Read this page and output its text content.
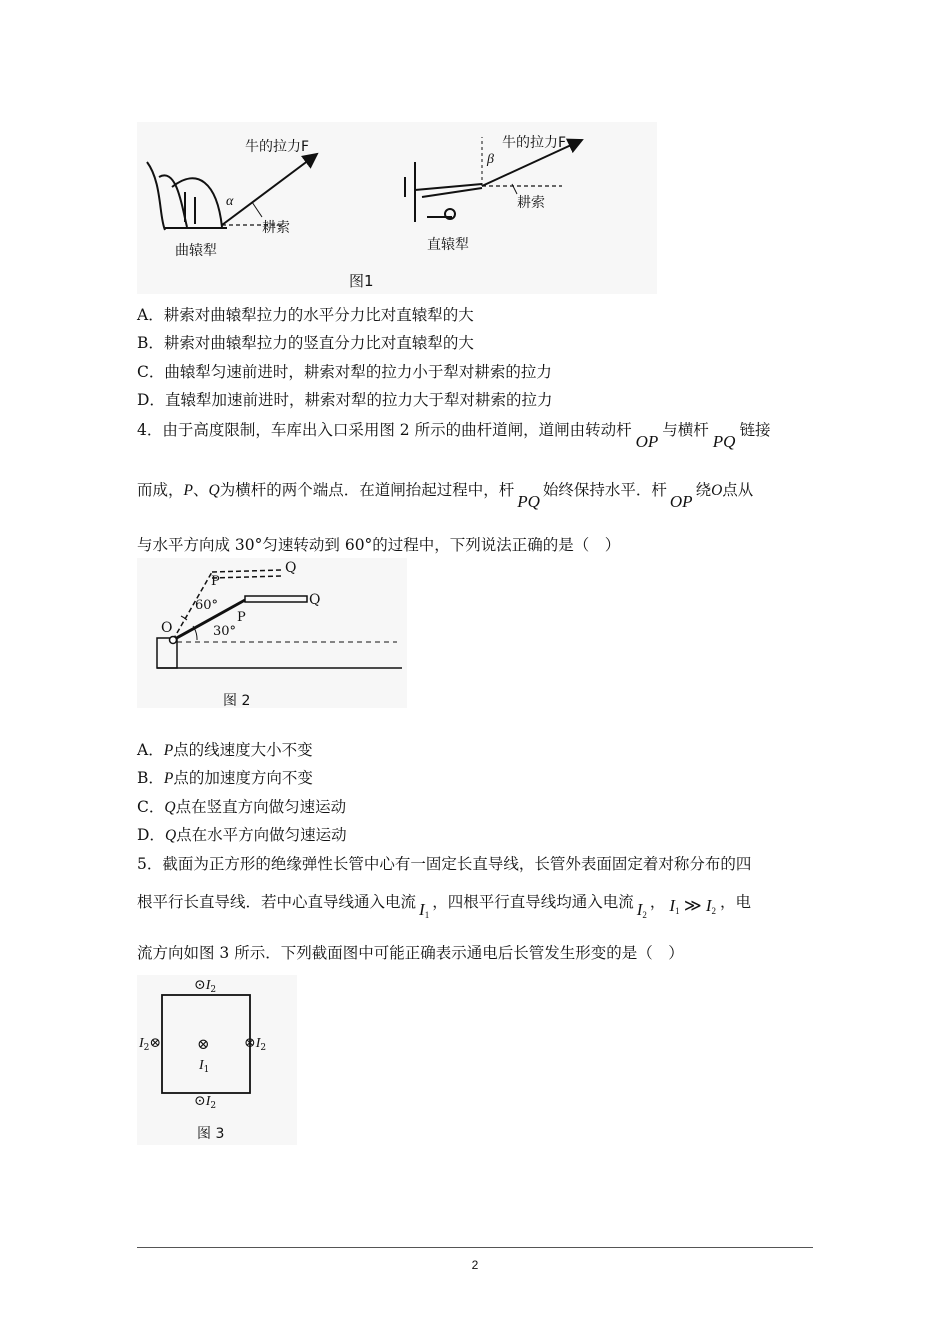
牛的拉力F
α
耕索
曲辕犁
牛的拉力F
β
耕索
直辕犁
图1
A．耕索对曲辕犁拉力的水平分力比对直辕犁的大
B．耕索对曲辕犁拉力的竖直分力比对直辕犁的大
C．曲辕犁匀速前进时，耕索对犁的拉力小于犁对耕索的拉力
D．直辕犁加速前进时，耕索对犁的拉力大于犁对耕索的拉力
4．由于高度限制，车库出入口采用图 2 所示的曲杆道闸，道闸由转动杆OP与横杆PQ链接
而成，P、Q为横杆的两个端点．在道闸抬起过程中，杆PQ始终保持水平．杆OP绕O点从
与水平方向成 30°匀速转动到 60°的过程中，下列说法正确的是（　）
Q
Q
P
P
O
60°
30°
图 2
A．P点的线速度大小不变
B．P点的加速度方向不变
C．Q点在竖直方向做匀速运动
D．Q点在水平方向做匀速运动
5．截面为正方形的绝缘弹性长管中心有一固定长直导线，长管外表面固定着对称分布的四
根平行长直导线．若中心直导线通入电流 $I_1$，四根平行直导线均通入电流 $I_2$， $I_1$ ≫ $I_2$ ，电
流方向如图 3 所示．下列截面图中可能正确表示通电后长管发生形变的是（　）
$⊙I_2$
$I_2\otimes$	$\otimes I_2$
⊗
$I_1$
$⊙I_2$
图 3
2
